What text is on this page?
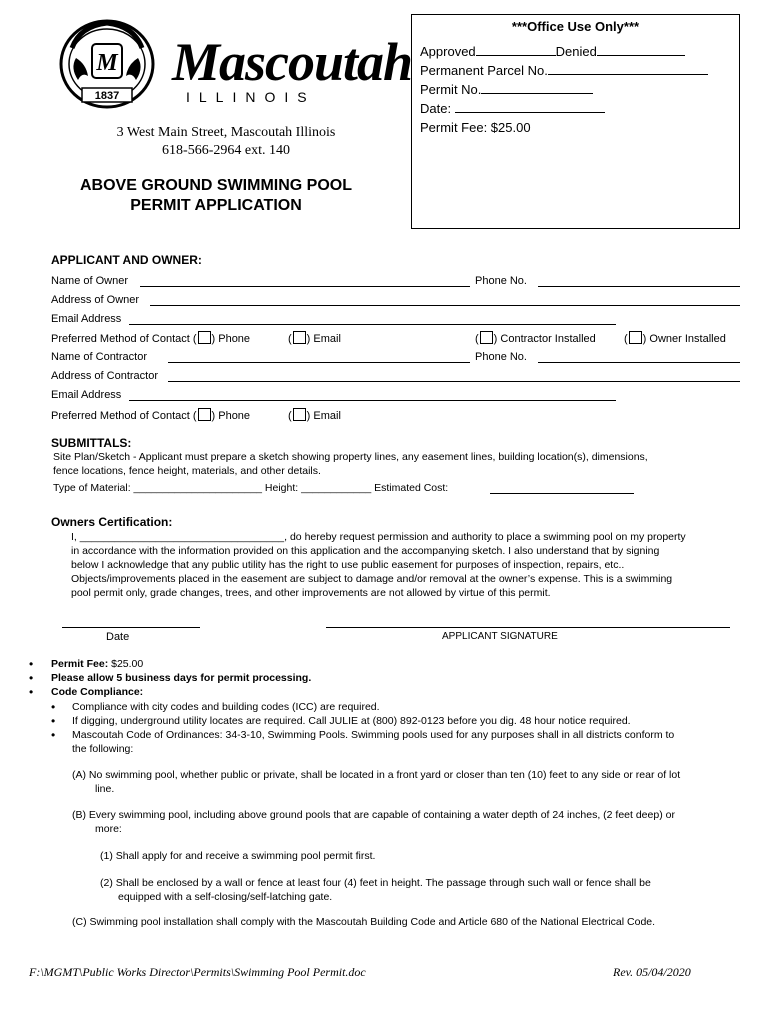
M
1837
Mascoutah
ILLINOIS
3 West Main Street, Mascoutah Illinois
618-566-2964 ext. 140
***Office Use Only***
Approved	Denied
Permanent Parcel No.
Permit No.
Date:
Permit Fee: $25.00
ABOVE GROUND SWIMMING POOL
PERMIT APPLICATION
APPLICANT AND OWNER:
Name of Owner	Phone No.
Address of Owner
Email Address
Preferred Method of Contact ( ) Phone	( ) Email	( ) Contractor Installed	( ) Owner Installed
Name of Contractor	Phone No.
Address of Contractor
Email Address
Preferred Method of Contact ( ) Phone	( ) Email
SUBMITTALS:
Site Plan/Sketch - Applicant must prepare a sketch showing property lines, any easement lines, building location(s), dimensions,
fence locations, fence height, materials, and other details.
Type of Material: ______________________ Height: ____________ Estimated Cost:
Owners Certification:
I, ___________________________________, do hereby request permission and authority to place a swimming pool on my property
in accordance with the information provided on this application and the accompanying sketch. I also understand that by signing
below I acknowledge that any public utility has the right to use public easement for purposes of inspection, repairs, etc..
Objects/improvements placed in the easement are subject to damage and/or removal at the owner’s expense. This is a swimming
pool permit only, grade changes, trees, and other improvements are not allowed by virtue of this permit.
Date	APPLICANT SIGNATURE
• Permit Fee: $25.00
• Please allow 5 business days for permit processing.
• Code Compliance:
• Compliance with city codes and building codes (ICC) are required.
• If digging, underground utility locates are required. Call JULIE at (800) 892-0123 before you dig. 48 hour notice required.
• Mascoutah Code of Ordinances: 34-3-10, Swimming Pools. Swimming pools used for any purposes shall in all districts conform to
the following:
(A) No swimming pool, whether public or private, shall be located in a front yard or closer than ten (10) feet to any side or rear of lot
line.
(B) Every swimming pool, including above ground pools that are capable of containing a water depth of 24 inches, (2 feet deep) or
more:
(1) Shall apply for and receive a swimming pool permit first.
(2) Shall be enclosed by a wall or fence at least four (4) feet in height. The passage through such wall or fence shall be
equipped with a self-closing/self-latching gate.
(C) Swimming pool installation shall comply with the Mascoutah Building Code and Article 680 of the National Electrical Code.
F:\MGMT\Public Works Director\Permits\Swimming Pool Permit.doc	Rev. 05/04/2020
